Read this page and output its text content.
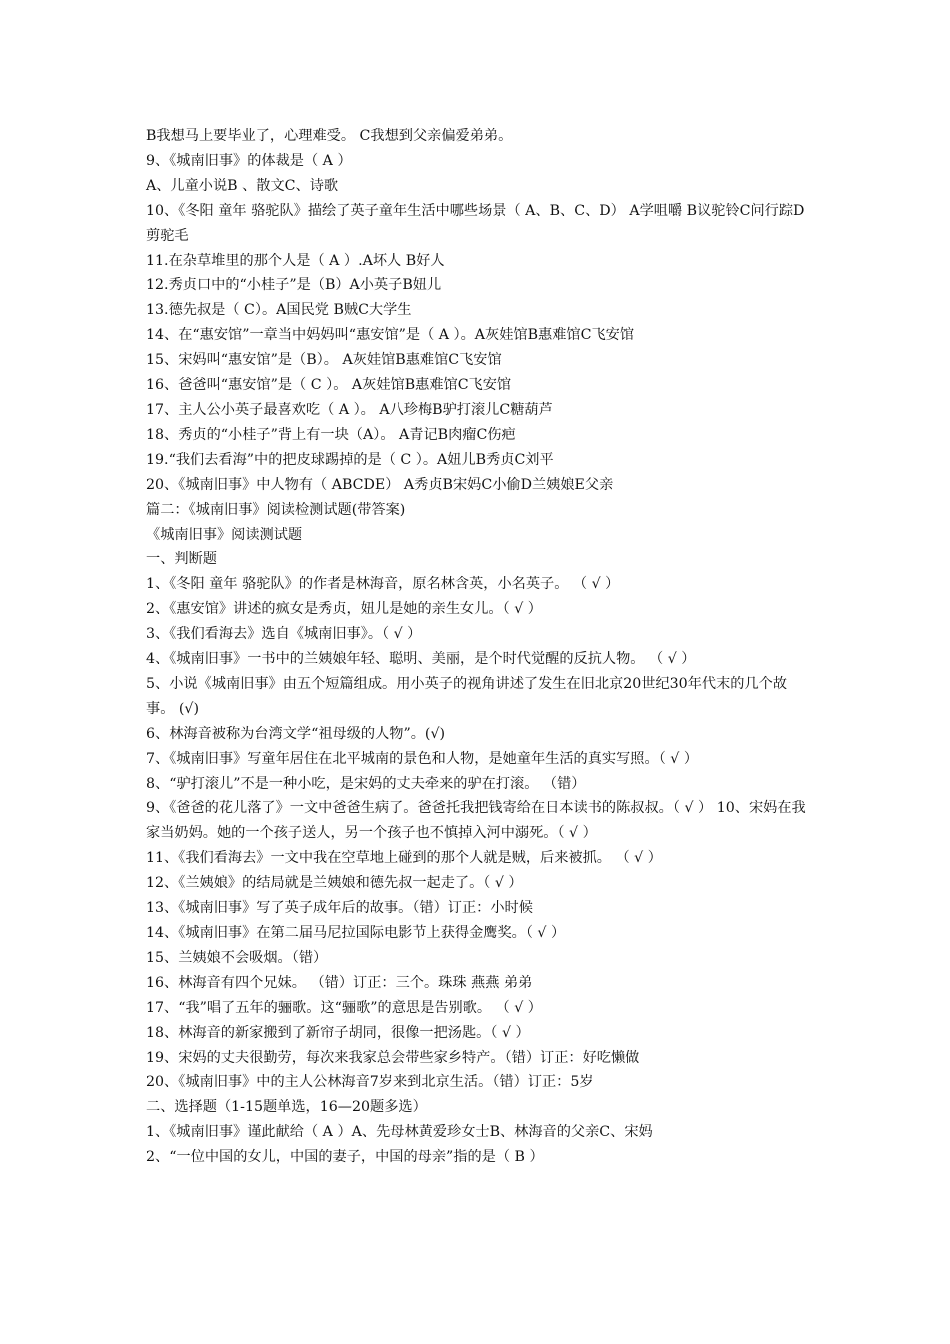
B我想马上要毕业了，心理难受。 C我想到父亲偏爱弟弟。
9、《城南旧事》的体裁是（ A ）
A、儿童小说B 、散文C、诗歌
10、《冬阳 童年 骆驼队》描绘了英子童年生活中哪些场景（ A、B、C、D） A学咀嚼 B议驼铃C问行踪D 剪驼毛
11.在杂草堆里的那个人是（ A ）.A坏人 B好人
12.秀贞口中的“小桂子”是（B）A小英子B妞儿
13.德先叔是（ C）。A国民党 B贼C大学生
14、在“惠安馆”一章当中妈妈叫“惠安馆”是（ A ）。A灰娃馆B惠难馆C飞安馆
15、宋妈叫“惠安馆”是（B）。 A灰娃馆B惠难馆C飞安馆
16、爸爸叫“惠安馆”是（ C ）。 A灰娃馆B惠难馆C飞安馆
17、主人公小英子最喜欢吃（ A ）。 A八珍梅B驴打滚儿C糖葫芦
18、秀贞的“小桂子”背上有一块（A）。 A青记B肉瘤C伤疤
19.“我们去看海”中的把皮球踢掉的是（ C ）。A妞儿B秀贞C刘平
20、《城南旧事》中人物有（ ABCDE） A秀贞B宋妈C小偷D兰姨娘E父亲
篇二：《城南旧事》阅读检测试题(带答案)
《城南旧事》阅读测试题
一、判断题
1、《冬阳 童年 骆驼队》的作者是林海音，原名林含英，小名英子。 （ √ ）
2、《惠安馆》讲述的疯女是秀贞，妞儿是她的亲生女儿。（ √ ）
3、《我们看海去》选自《城南旧事》。（ √ ）
4、《城南旧事》一书中的兰姨娘年轻、聪明、美丽，是个时代觉醒的反抗人物。 （ √ ）
5、小说《城南旧事》由五个短篇组成。用小英子的视角讲述了发生在旧北京20世纪30年代末的几个故事。 (√)
6、林海音被称为台湾文学“祖母级的人物”。(√)
7、《城南旧事》写童年居住在北平城南的景色和人物，是她童年生活的真实写照。（ √ ）
8、“驴打滚儿”不是一种小吃，是宋妈的丈夫牵来的驴在打滚。 （错）
9、《爸爸的花儿落了》一文中爸爸生病了。爸爸托我把钱寄给在日本读书的陈叔叔。（ √ ） 10、宋妈在我家当奶妈。她的一个孩子送人，另一个孩子也不慎掉入河中溺死。（ √ ）
11、《我们看海去》一文中我在空草地上碰到的那个人就是贼，后来被抓。 （ √ ）
12、《兰姨娘》的结局就是兰姨娘和德先叔一起走了。（ √ ）
13、《城南旧事》写了英子成年后的故事。（错）订正：小时候
14、《城南旧事》在第二届马尼拉国际电影节上获得金鹰奖。（ √ ）
15、兰姨娘不会吸烟。（错）
16、林海音有四个兄妹。 （错）订正：三个。珠珠 燕燕 弟弟
17、“我”唱了五年的骊歌。这“骊歌”的意思是告别歌。 （ √ ）
18、林海音的新家搬到了新帘子胡同，很像一把汤匙。（ √ ）
19、宋妈的丈夫很勤劳，每次来我家总会带些家乡特产。（错）订正：好吃懒做
20、《城南旧事》中的主人公林海音7岁来到北京生活。（错）订正：5岁
二、选择题（1-15题单选，16—20题多选）
1、《城南旧事》谨此献给（ A ）A、先母林黄爱珍女士B、林海音的父亲C、宋妈
2、“一位中国的女儿，中国的妻子，中国的母亲”指的是（ B ）
